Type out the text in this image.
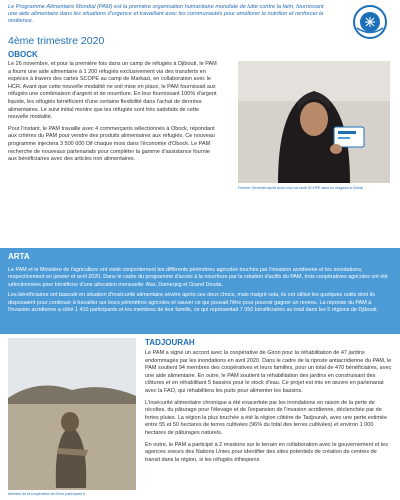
Le Programme Alimentaire Mondial (PAM) est la première organisation humanitaire mondiale de lutte contre la faim, fournissant une aide alimentaire dans les situations d'urgence et travaillant avec les communautés pour améliorer la nutrition et renforcer la résilience.
4ème trimestre 2020
OBOCK

Le 26 novembre, et pour la première fois dans un camp de réfugiés à Djibouti, le PAM a fourni une aide alimentaire à 1 200 réfugiés exclusivement via des transferts en espèces à travers des cartes SCOPE au camp de Markazi, en collaboration avec le HCR. Avant que cette nouvelle modalité ne soit mise en place, le PAM fournissait aux réfugiés une combinaison d'argent et de nourriture. En leur fournissant 100% d'argent liquide, les réfugiés bénéficient d'une certaine flexibilité dans l'achat de denrées alimentaires. Le suivi initial montre que les réfugiés sont très satisfaits de cette nouvelle modalité.

Pour l'instant, le PAM travaille avec 4 commerçants sélectionnés à Obock, répondant aux critères du PAM pour vendre des produits alimentaires aux réfugiés. Ce nouveau programme injectera 3 500 000 Dif chaque mois dans l'économie d'Obock. Le PAM recherche de nouveaux partenariats pour compléter la gamme d'assistance fournie aux bénéficiaires avec des articles non alimentaires.

Femme Yéménite après avoir reçu sa carte SCOPE dans un magasin à Obock
ARTA

Le PAM et le Ministère de l'agriculture ont visité conjointement les différents périmètres agricoles touchés par l'invasion acridienne et les inondations, respectivement en janvier et avril 2020. Dans le cadre du programme d'accès à la nourriture par la création d'actifs du PAM, trois coopératives agricoles ont été sélectionnées pour bénéficier d'une allocation mensuelle: Atar, Damerjog et Grand Douda.

Les bénéficiaires ont basculé en situation d'insécurité alimentaire sévère après ces deux chocs, mais malgré cela, ils ont utilisé les quelques outils dont ils disposaient pour continuer à travailler sur leurs périmètres agricoles et sauver ce qui pouvait l'être pour pouvoir gagner un revenu. La réponse du PAM à l'invasion acridienne a ciblé 1 410 participants et les membres de leur famille, ce qui représentait 7 050 bénéficiaires au total dans les 5 régions de Djibouti.

Membre de la coopérative de Girori participant à
TADJOURAH

Le PAM a signé un accord avec la coopérative de Girori pour la réhabilitation de 47 jardins endommagés par les inondations en avril 2020. Dans le cadre de la riposte antiacridienne du PAM, le PAM soutient 94 membres des coopératives et leurs familles, pour un total de 470 bénéficiaires, avec une aide alimentaire. En outre, le PAM soutient la réhabilitation des jardins en construisant des clôtures et en réhabilitant 5 bassins pour le stock d'eau. Ce projet est mis en œuvre en partenariat avec la FAO, qui réhabilitera les puits pour alimenter les bassins.

L'insécurité alimentaire chronique a été exacerbée par les inondations en raison de la perte de récoltes, du pâturage pour l'élevage et de l'expansion de l'invasion acridienne, déclenchée par de fortes pluies. La région la plus touchée a été la région côtière de Tadjourah, avec une perte estimée entre 55 et 50 hectares de terres cultivées (96% du total des terres cultivées) et environ 1 000 hectares de pâturages naturels.

En outre, le PAM a participé à 2 missions sur le terrain en collaboration avec le gouvernement et les agences soeurs des Nations Unies pour identifier des sites potentiels de création de centres de transit dans la région, si les réfugiés éthiopiens
